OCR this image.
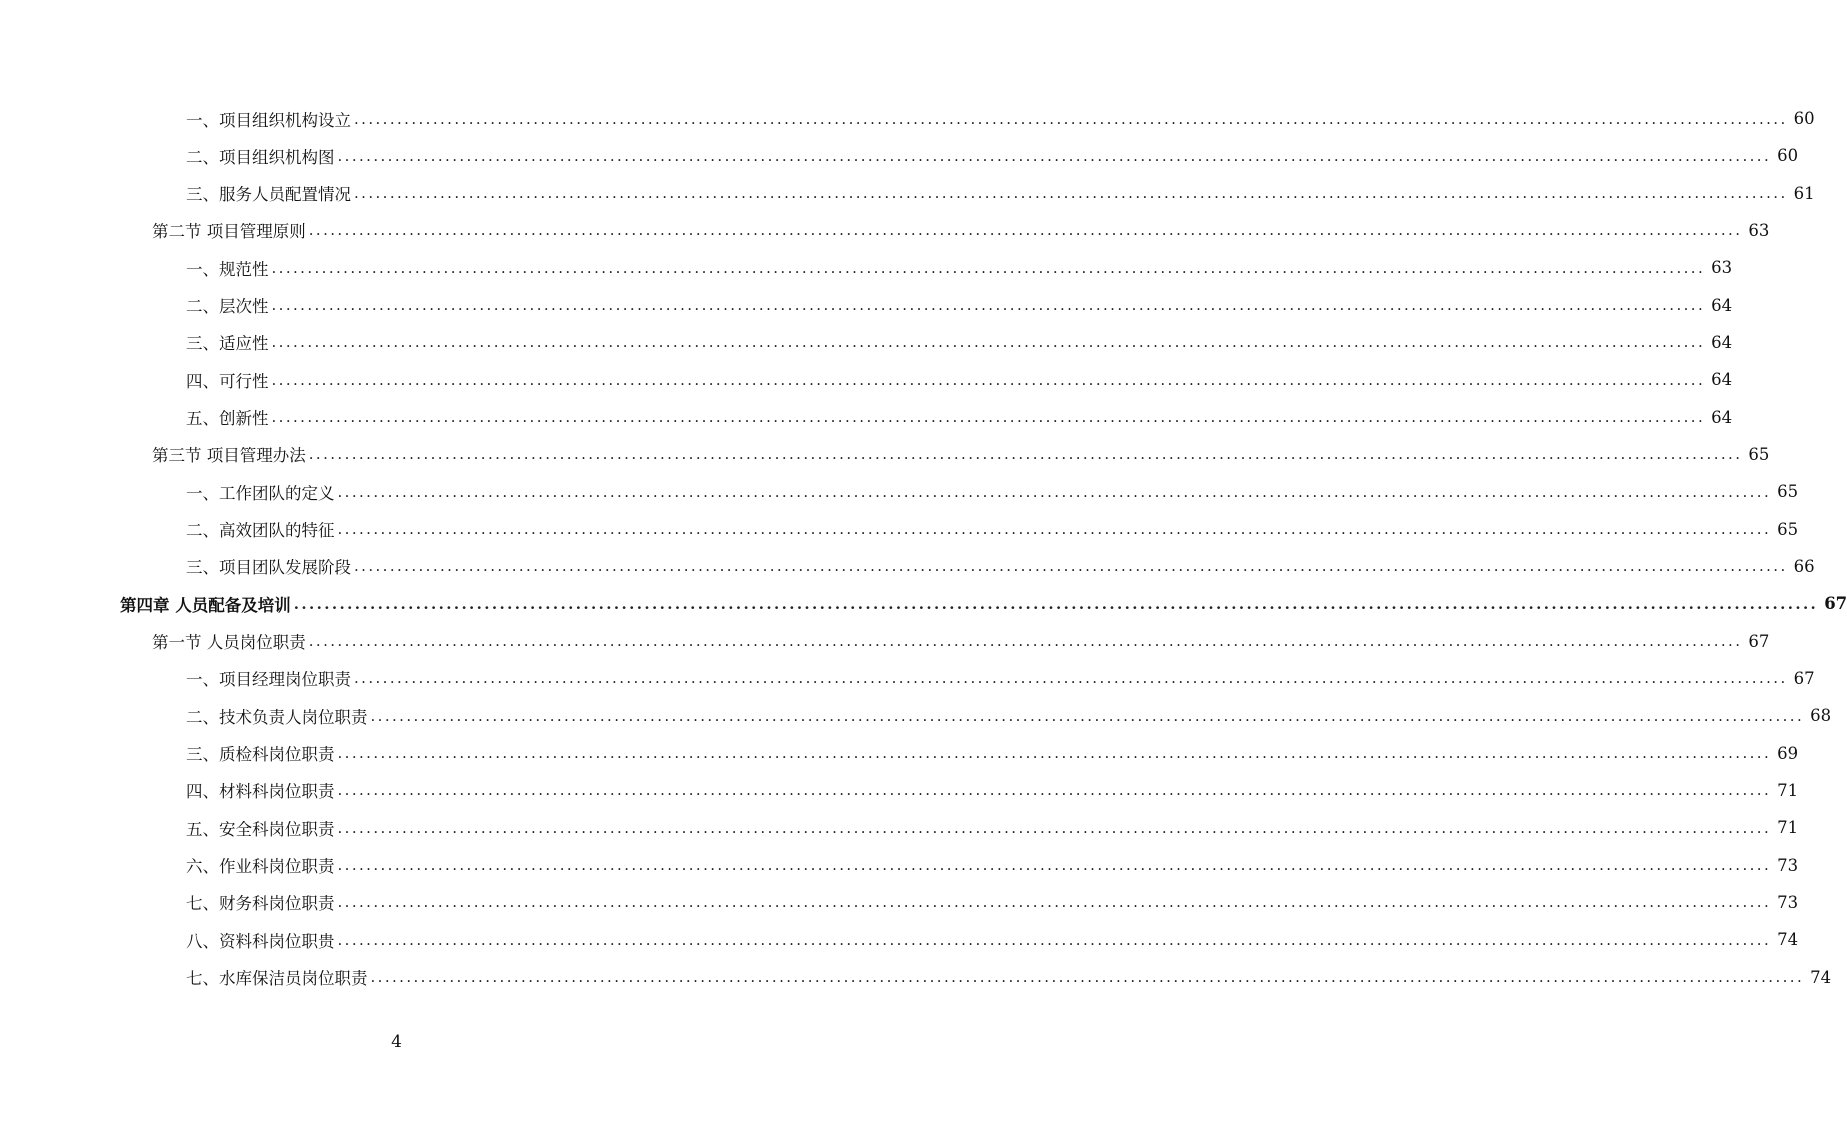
一、项目组织机构设立 ........................................................................................................................................................................................................ 60
二、项目组织机构图 ........................................................................................................................................................................................................ 60
三、服务人员配置情况 ........................................................................................................................................................................................................ 61
第二节 项目管理原则 ........................................................................................................................................................................................................ 63
一、规范性 ........................................................................................................................................................................................................ 63
二、层次性 ........................................................................................................................................................................................................ 64
三、适应性 ........................................................................................................................................................................................................ 64
四、可行性 ........................................................................................................................................................................................................ 64
五、创新性 ........................................................................................................................................................................................................ 64
第三节 项目管理办法 ........................................................................................................................................................................................................ 65
一、工作团队的定义 ........................................................................................................................................................................................................ 65
二、高效团队的特征 ........................................................................................................................................................................................................ 65
三、项目团队发展阶段 ........................................................................................................................................................................................................ 66
第四章 人员配备及培训 ........................................................................................................................................................................................................ 67
第一节 人员岗位职责 ........................................................................................................................................................................................................ 67
一、项目经理岗位职责 ........................................................................................................................................................................................................ 67
二、技术负责人岗位职责 ........................................................................................................................................................................................................ 68
三、质检科岗位职责 ........................................................................................................................................................................................................ 69
四、材料科岗位职责 ........................................................................................................................................................................................................ 71
五、安全科岗位职责 ........................................................................................................................................................................................................ 71
六、作业科岗位职责 ........................................................................................................................................................................................................ 73
七、财务科岗位职责 ........................................................................................................................................................................................................ 73
八、资料科岗位职贵 ........................................................................................................................................................................................................ 74
七、水库保洁员岗位职责 ........................................................................................................................................................................................................ 74
4
